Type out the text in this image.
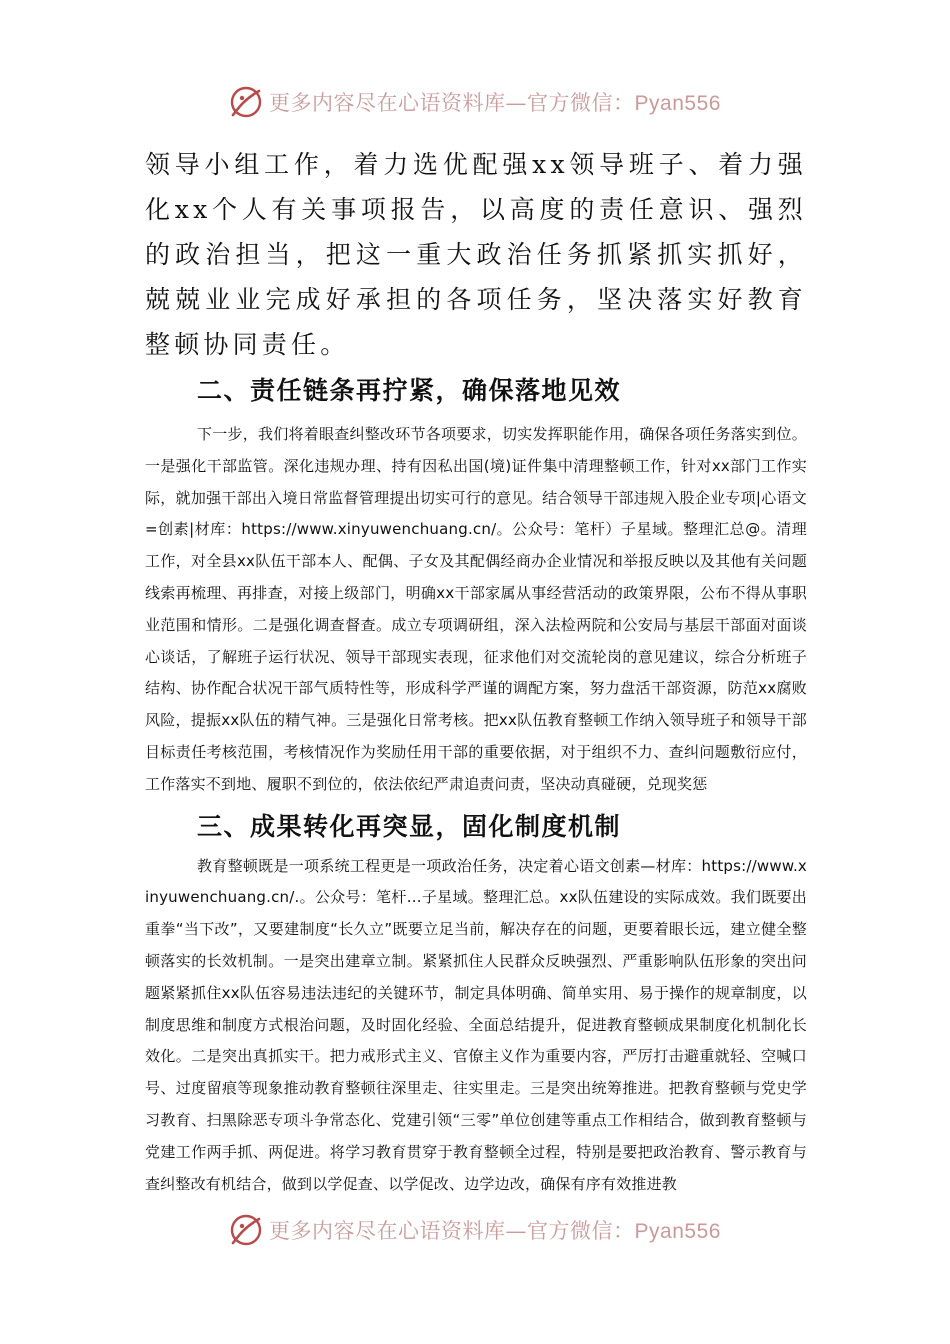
更多内容尽在心语资料库—官方微信：Pyan556

领导小组工作，着力选优配强xx领导班子、着力强化xx个人有关事项报告，以高度的责任意识、强烈的政治担当，把这一重大政治任务抓紧抓实抓好，兢兢业业完成好承担的各项任务，坚决落实好教育整顿协同责任。

二、责任链条再拧紧，确保落地见效

下一步，我们将着眼查纠整改环节各项要求，切实发挥职能作用，确保各项任务落实到位。一是强化干部监管。深化违规办理、持有因私出国(境)证件集中清理整顿工作，针对xx部门工作实际，就加强干部出入境日常监督管理提出切实可行的意见。结合领导干部违规入股企业专项|心语文=创素|材库：https://www.xinyuwenchuang.cn/。公众号：笔杆）子星域。整理汇总@。清理工作，对全县xx队伍干部本人、配偶、子女及其配偶经商办企业情况和举报反映以及其他有关问题线索再梳理、再排查，对接上级部门，明确xx干部家属从事经营活动的政策界限，公布不得从事职业范围和情形。二是强化调查督查。成立专项调研组，深入法检两院和公安局与基层干部面对面谈心谈话，了解班子运行状况、领导干部现实表现，征求他们对交流轮岗的意见建议，综合分析班子结构、协作配合状况干部气质特性等，形成科学严谨的调配方案，努力盘活干部资源，防范xx腐败风险，提振xx队伍的精气神。三是强化日常考核。把xx队伍教育整顿工作纳入领导班子和领导干部目标责任考核范围，考核情况作为奖励任用干部的重要依据，对于组织不力、查纠问题敷衍应付，工作落实不到地、履职不到位的，依法依纪严肃追责问责，坚决动真碰硬，兑现奖惩

三、成果转化再突显，固化制度机制

教育整顿既是一项系统工程更是一项政治任务，决定着心语文创素—材库：https://www.xinyuwenchuang.cn/.。公众号：笔杆…子星域。整理汇总。xx队伍建设的实际成效。我们既要出重拳“当下改”，又要建制度“长久立”既要立足当前，解决存在的问题，更要着眼长远，建立健全整顿落实的长效机制。一是突出建章立制。紧紧抓住人民群众反映强烈、严重影响队伍形象的突出问题紧紧抓住xx队伍容易违法违纪的关键环节，制定具体明确、简单实用、易于操作的规章制度，以制度思维和制度方式根治问题，及时固化经验、全面总结提升，促进教育整顿成果制度化机制化长效化。二是突出真抓实干。把力戒形式主义、官僚主义作为重要内容，严厉打击避重就轻、空喊口号、过度留痕等现象推动教育整顿往深里走、往实里走。三是突出统筹推进。把教育整顿与党史学习教育、扫黑除恶专项斗争常态化、党建引领“三零”单位创建等重点工作相结合，做到教育整顿与党建工作两手抓、两促进。将学习教育贯穿于教育整顿全过程，特别是要把政治教育、警示教育与查纠整改有机结合，做到以学促查、以学促改、边学边改，确保有序有效推进教

更多内容尽在心语资料库—官方微信：Pyan556
